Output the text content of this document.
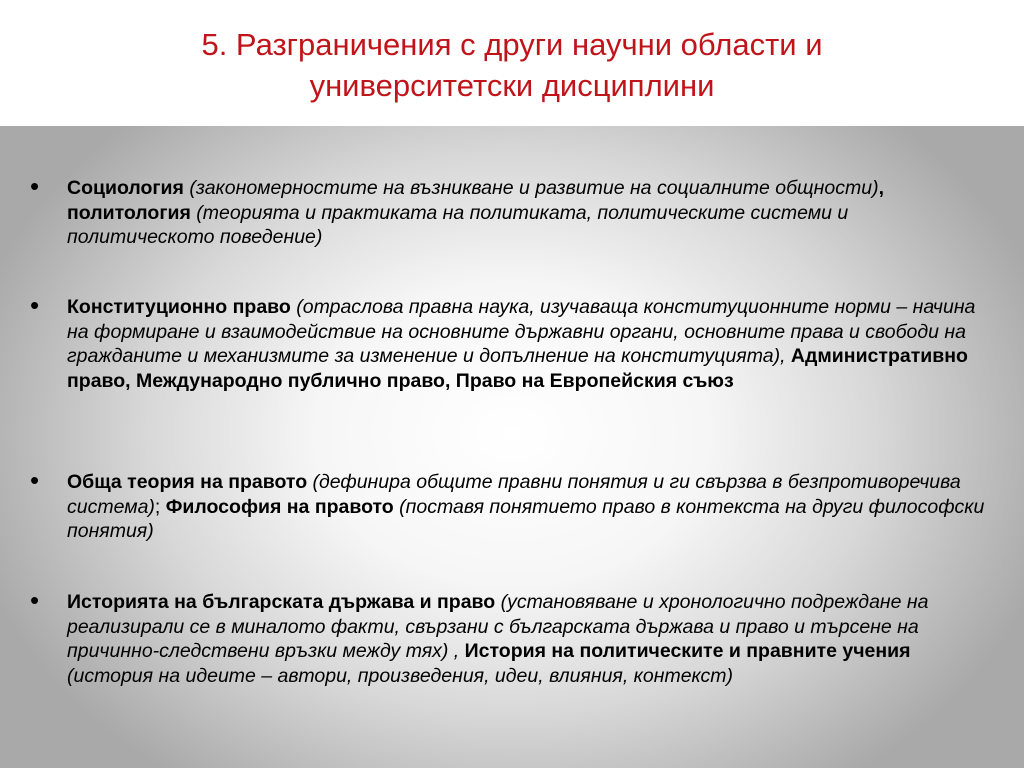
5. Разграничения с други научни области и
университетски дисциплини
• Социология (закономерностите на възникване и развитие на социалните общности), политология (теорията и практиката на политиката, политическите системи и политическото поведение)

• Конституционно право (отраслова правна наука, изучаваща конституционните норми – начина на формиране и взаимодействие на основните държавни органи, основните права и свободи на гражданите и механизмите за изменение и допълнение на конституцията), Административно право, Международно публично право, Право на Европейския съюз

• Обща теория на правото (дефинира общите правни понятия и ги свързва в безпротиворечива система); Философия на правото (поставя понятието право в контекста на други философски понятия)

• Историята на българската държава и право (установяване и хронологично подреждане на реализирали се в миналото факти, свързани с българската държава и право и търсене на причинно-следствени връзки между тях) , История на политическите и правните учения (история на идеите – автори, произведения, идеи, влияния, контекст)
